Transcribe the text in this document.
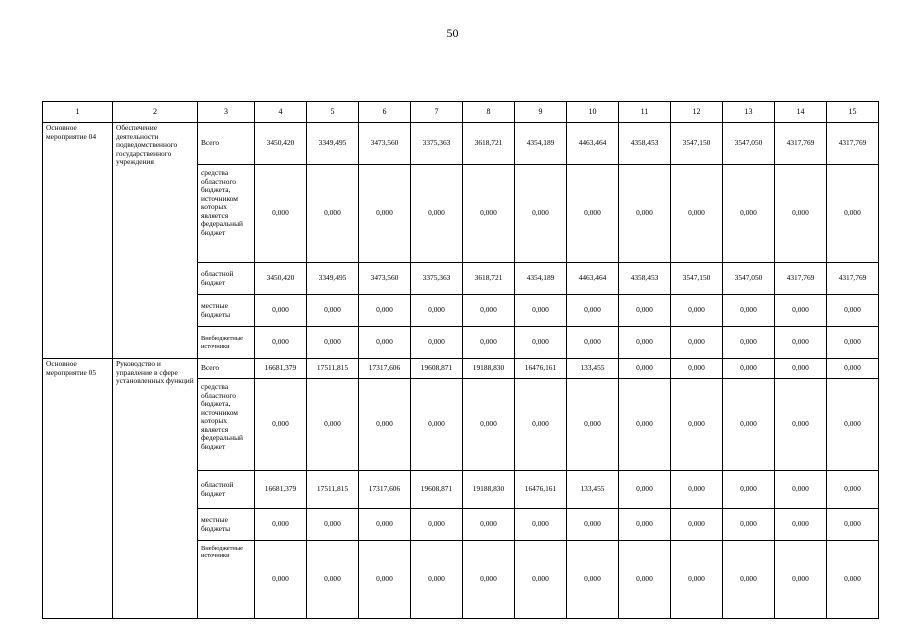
50
1	2	3	4	5	6	7	8	9	10	11	12	13	14	15
Основное мероприятие 04	Обеспечение деятельности подведомственного государственного учреждения	Всего	3450,420	3349,495	3473,560	3375,363	3618,721	4354,189	4463,464	4358,453	3547,150	3547,050	4317,769	4317,769
		средства областного бюджета, источником которых является федеральный бюджет	0,000	0,000	0,000	0,000	0,000	0,000	0,000	0,000	0,000	0,000	0,000	0,000
		областной бюджет	3450,420	3349,495	3473,560	3375,363	3618,721	4354,189	4463,464	4358,453	3547,150	3547,050	4317,769	4317,769
		местные бюджеты	0,000	0,000	0,000	0,000	0,000	0,000	0,000	0,000	0,000	0,000	0,000	0,000
		Внебюджетные источники	0,000	0,000	0,000	0,000	0,000	0,000	0,000	0,000	0,000	0,000	0,000	0,000
Основное мероприятие 05	Руководство и управление в сфере установленных функций	Всего	16681,379	17511,815	17317,606	19608,871	19188,830	16476,161	133,455	0,000	0,000	0,000	0,000	0,000
		средства областного бюджета, источником которых является федеральный бюджет	0,000	0,000	0,000	0,000	0,000	0,000	0,000	0,000	0,000	0,000	0,000	0,000
		областной бюджет	16681,379	17511,815	17317,606	19608,871	19188,830	16476,161	133,455	0,000	0,000	0,000	0,000	0,000
		местные бюджеты	0,000	0,000	0,000	0,000	0,000	0,000	0,000	0,000	0,000	0,000	0,000	0,000
		Внебюджетные источники	0,000	0,000	0,000	0,000	0,000	0,000	0,000	0,000	0,000	0,000	0,000	0,000
